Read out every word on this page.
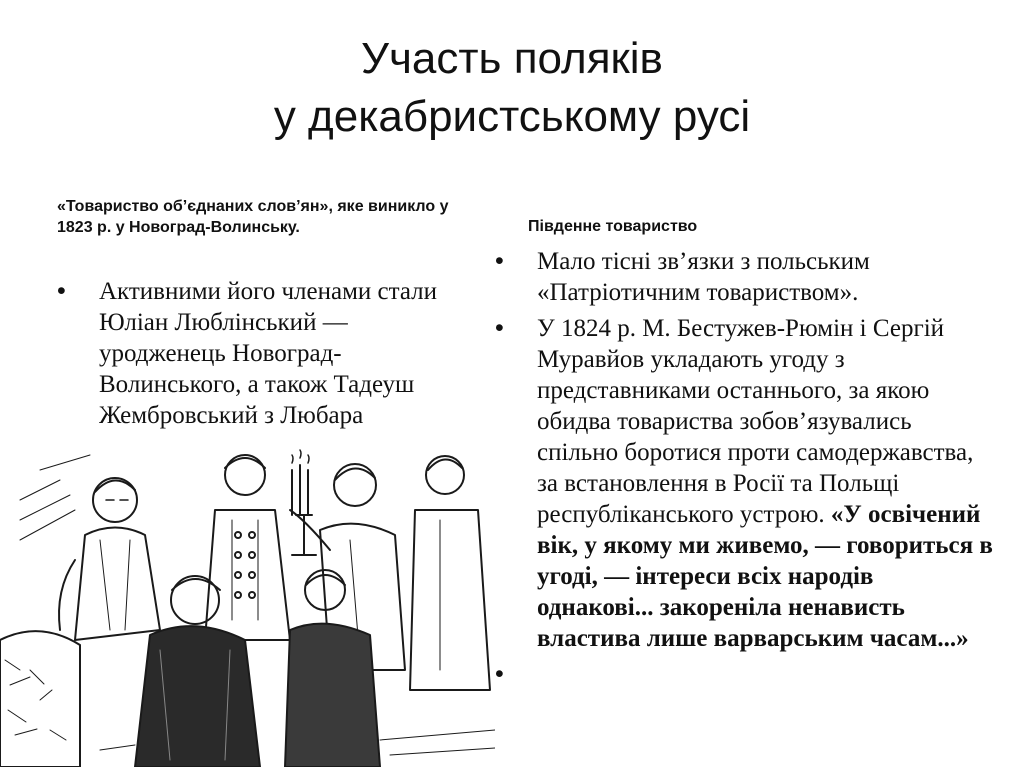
Участь поляків
у декабристському русі
«Товариство об’єднаних слов’ян», яке виникло у 1823 р. у Новоград-Волинську.
• Активними його членами стали Юліан Люблінський — уродженець Новоград-Волинського, а також Тадеуш Жембровський з Любара
Південне товариство
• Мало тісні зв’язки з польським «Патріотичним товариством».
• У 1824 р. М. Бестужев-Рюмін і Сергій Муравйов укладають угоду з представниками останнього, за якою обидва товариства зобов’язувались спільно боротися проти самодержавства, за встановлення в Росії та Польщі республіканського устрою. «У освічений вік, у якому ми живемо, — говориться в угоді, — інтереси всіх народів однакові... закореніла ненависть властива лише варварським часам...»
•
